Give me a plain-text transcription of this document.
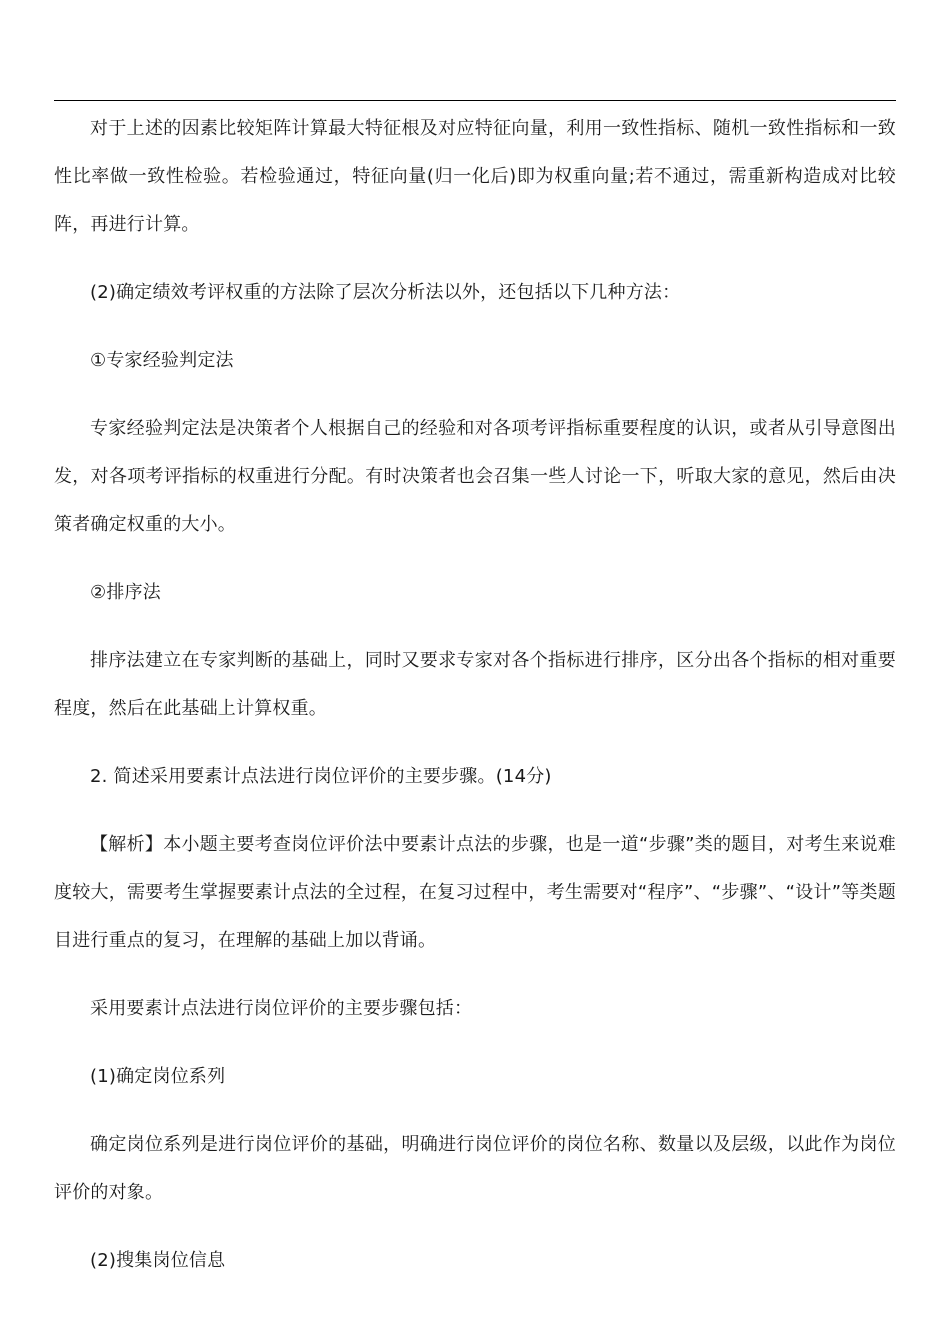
对于上述的因素比较矩阵计算最大特征根及对应特征向量，利用一致性指标、随机一致性指标和一致性比率做一致性检验。若检验通过，特征向量(归一化后)即为权重向量;若不通过，需重新构造成对比较阵，再进行计算。

(2)确定绩效考评权重的方法除了层次分析法以外，还包括以下几种方法：

①专家经验判定法

专家经验判定法是决策者个人根据自己的经验和对各项考评指标重要程度的认识，或者从引导意图出发，对各项考评指标的权重进行分配。有时决策者也会召集一些人讨论一下，听取大家的意见，然后由决策者确定权重的大小。

②排序法

排序法建立在专家判断的基础上，同时又要求专家对各个指标进行排序，区分出各个指标的相对重要程度，然后在此基础上计算权重。

2. 简述采用要素计点法进行岗位评价的主要步骤。(14分)

【解析】本小题主要考查岗位评价法中要素计点法的步骤，也是一道“步骤”类的题目，对考生来说难度较大，需要考生掌握要素计点法的全过程，在复习过程中，考生需要对“程序”、“步骤”、“设计”等类题目进行重点的复习，在理解的基础上加以背诵。

采用要素计点法进行岗位评价的主要步骤包括：

(1)确定岗位系列

确定岗位系列是进行岗位评价的基础，明确进行岗位评价的岗位名称、数量以及层级，以此作为岗位评价的对象。

(2)搜集岗位信息
